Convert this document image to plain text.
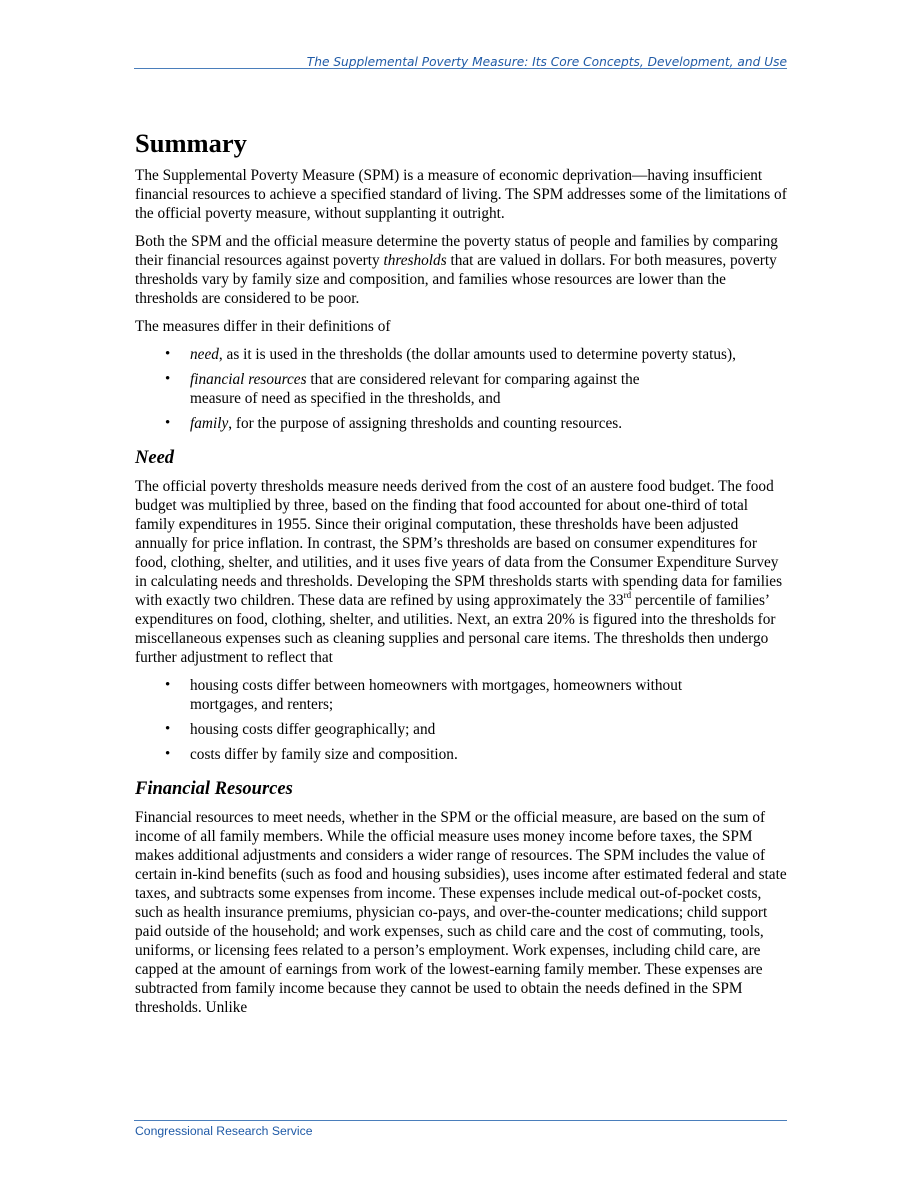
The Supplemental Poverty Measure: Its Core Concepts, Development, and Use
Summary

The Supplemental Poverty Measure (SPM) is a measure of economic deprivation—having insufficient financial resources to achieve a specified standard of living. The SPM addresses some of the limitations of the official poverty measure, without supplanting it outright.

Both the SPM and the official measure determine the poverty status of people and families by comparing their financial resources against poverty thresholds that are valued in dollars. For both measures, poverty thresholds vary by family size and composition, and families whose resources are lower than the thresholds are considered to be poor.

The measures differ in their definitions of

• need, as it is used in the thresholds (the dollar amounts used to determine poverty status),
• financial resources that are considered relevant for comparing against the measure of need as specified in the thresholds, and
• family, for the purpose of assigning thresholds and counting resources.
Need

The official poverty thresholds measure needs derived from the cost of an austere food budget. The food budget was multiplied by three, based on the finding that food accounted for about one-third of total family expenditures in 1955. Since their original computation, these thresholds have been adjusted annually for price inflation. In contrast, the SPM’s thresholds are based on consumer expenditures for food, clothing, shelter, and utilities, and it uses five years of data from the Consumer Expenditure Survey in calculating needs and thresholds. Developing the SPM thresholds starts with spending data for families with exactly two children. These data are refined by using approximately the 33rd percentile of families’ expenditures on food, clothing, shelter, and utilities. Next, an extra 20% is figured into the thresholds for miscellaneous expenses such as cleaning supplies and personal care items. The thresholds then undergo further adjustment to reflect that

• housing costs differ between homeowners with mortgages, homeowners without mortgages, and renters;
• housing costs differ geographically; and
• costs differ by family size and composition.
Financial Resources

Financial resources to meet needs, whether in the SPM or the official measure, are based on the sum of income of all family members. While the official measure uses money income before taxes, the SPM makes additional adjustments and considers a wider range of resources. The SPM includes the value of certain in-kind benefits (such as food and housing subsidies), uses income after estimated federal and state taxes, and subtracts some expenses from income. These expenses include medical out-of-pocket costs, such as health insurance premiums, physician co-pays, and over-the-counter medications; child support paid outside of the household; and work expenses, such as child care and the cost of commuting, tools, uniforms, or licensing fees related to a person’s employment. Work expenses, including child care, are capped at the amount of earnings from work of the lowest-earning family member. These expenses are subtracted from family income because they cannot be used to obtain the needs defined in the SPM thresholds. Unlike

Congressional Research Service
